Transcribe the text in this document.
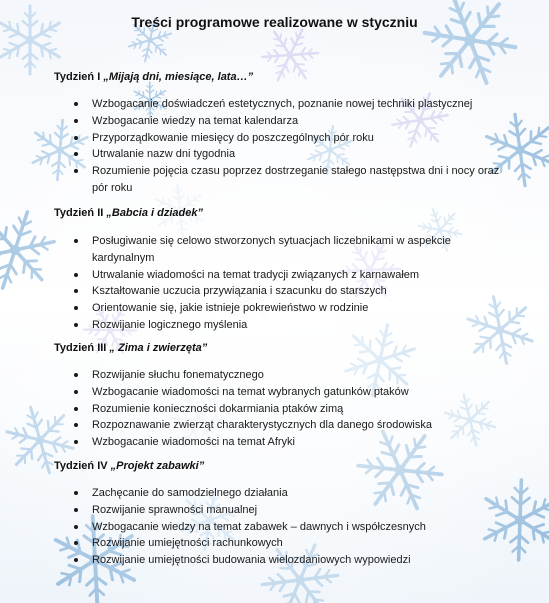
Treści programowe realizowane w styczniu
Tydzień I „Mijają dni, miesiące, lata…”
Wzbogacanie doświadczeń estetycznych, poznanie nowej techniki plastycznej
Wzbogacanie wiedzy na temat kalendarza
Przyporządkowanie miesięcy do poszczególnych pór roku
Utrwalanie nazw dni tygodnia
Rozumienie pojęcia czasu poprzez dostrzeganie stałego następstwa dni i nocy oraz pór roku
Tydzień II „Babcia i dziadek”
Posługiwanie się celowo stworzonych sytuacjach liczebnikami w aspekcie kardynalnym
Utrwalanie wiadomości na temat tradycji związanych z karnawałem
Kształtowanie uczucia przywiązania i szacunku do starszych
Orientowanie się, jakie istnieje pokrewieństwo w rodzinie
Rozwijanie logicznego myślenia
Tydzień III „ Zima i zwierzęta”
Rozwijanie słuchu fonematycznego
Wzbogacanie wiadomości na temat wybranych gatunków ptaków
Rozumienie konieczności dokarmiania ptaków zimą
Rozpoznawanie zwierząt charakterystycznych dla danego środowiska
Wzbogacanie wiadomości na temat Afryki
Tydzień IV „Projekt zabawki”
Zachęcanie do samodzielnego działania
Rozwijanie sprawności manualnej
Wzbogacanie wiedzy na temat zabawek – dawnych i współczesnych
Rozwijanie umiejętności rachunkowych
Rozwijanie umiejętności budowania wielozdaniowych wypowiedzi
